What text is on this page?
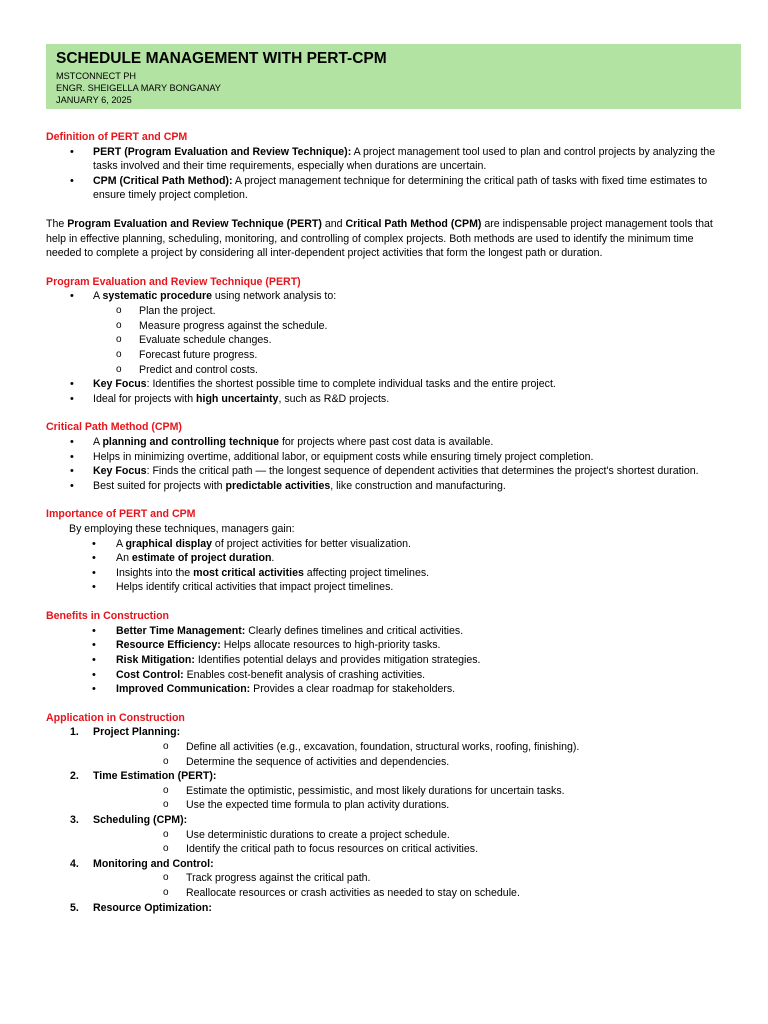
SCHEDULE MANAGEMENT WITH PERT-CPM
MSTCONNECT PH
ENGR. SHEIGELLA MARY BONGANAY
JANUARY 6, 2025

Definition of PERT and CPM

• PERT (Program Evaluation and Review Technique): A project management tool used to plan and control projects by analyzing the tasks involved and their time requirements, especially when durations are uncertain.
• CPM (Critical Path Method): A project management technique for determining the critical path of tasks with fixed time estimates to ensure timely project completion.

The Program Evaluation and Review Technique (PERT) and Critical Path Method (CPM) are indispensable project management tools that help in effective planning, scheduling, monitoring, and controlling of complex projects. Both methods are used to identify the minimum time needed to complete a project by considering all inter-dependent project activities that form the longest path or duration.

Program Evaluation and Review Technique (PERT)

• A systematic procedure using network analysis to:
o Plan the project.
o Measure progress against the schedule.
o Evaluate schedule changes.
o Forecast future progress.
o Predict and control costs.
• Key Focus: Identifies the shortest possible time to complete individual tasks and the entire project.
• Ideal for projects with high uncertainty, such as R&D projects.

Critical Path Method (CPM)

• A planning and controlling technique for projects where past cost data is available.
• Helps in minimizing overtime, additional labor, or equipment costs while ensuring timely project completion.
• Key Focus: Finds the critical path — the longest sequence of dependent activities that determines the project's shortest duration.
• Best suited for projects with predictable activities, like construction and manufacturing.

Importance of PERT and CPM

By employing these techniques, managers gain:

• A graphical display of project activities for better visualization.
• An estimate of project duration.
• Insights into the most critical activities affecting project timelines.
• Helps identify critical activities that impact project timelines.

Benefits in Construction

• Better Time Management: Clearly defines timelines and critical activities.
• Resource Efficiency: Helps allocate resources to high-priority tasks.
• Risk Mitigation: Identifies potential delays and provides mitigation strategies.
• Cost Control: Enables cost-benefit analysis of crashing activities.
• Improved Communication: Provides a clear roadmap for stakeholders.

Application in Construction

1. Project Planning:
o Define all activities (e.g., excavation, foundation, structural works, roofing, finishing).
o Determine the sequence of activities and dependencies.
2. Time Estimation (PERT):
o Estimate the optimistic, pessimistic, and most likely durations for uncertain tasks.
o Use the expected time formula to plan activity durations.
3. Scheduling (CPM):
o Use deterministic durations to create a project schedule.
o Identify the critical path to focus resources on critical activities.
4. Monitoring and Control:
o Track progress against the critical path.
o Reallocate resources or crash activities as needed to stay on schedule.
5. Resource Optimization:
